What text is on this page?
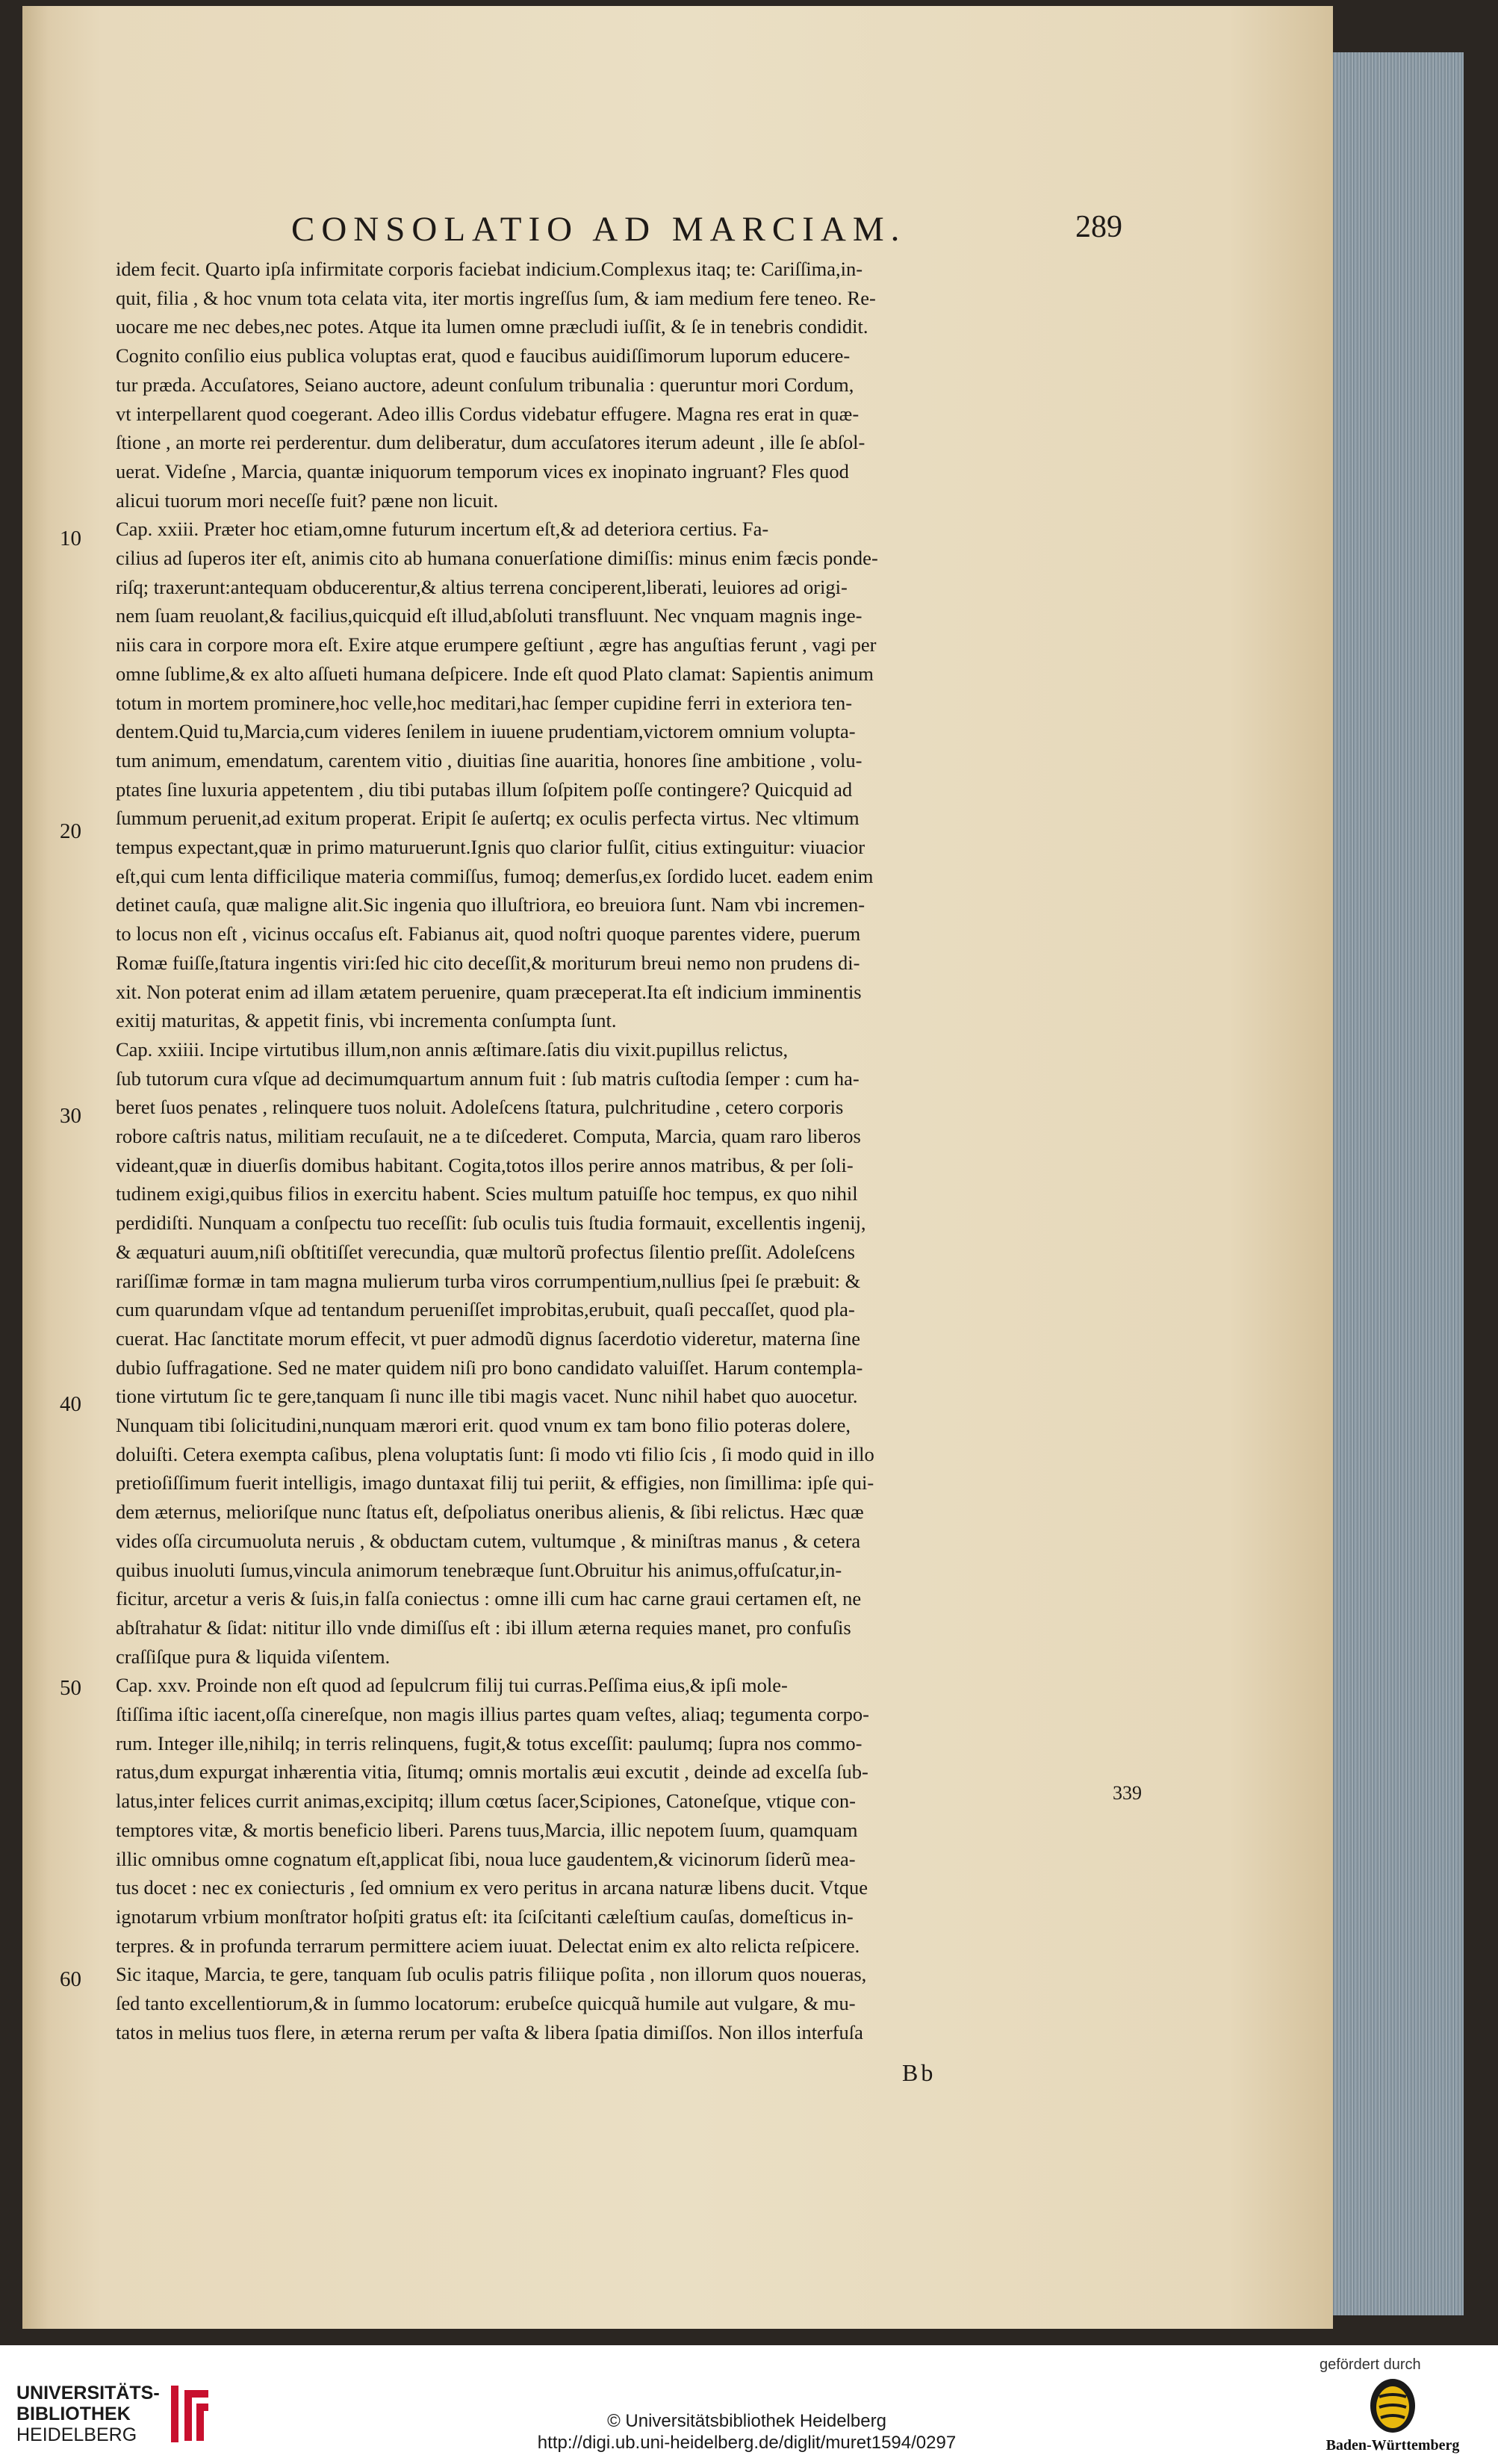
CONSOLATIO AD MARCIAM.	289
idem fecit. Quarto ipſa infirmitate corporis faciebat indicium.Complexus itaq; te: Cariſſima,in-
quit, filia , & hoc vnum tota celata vita, iter mortis ingreſſus ſum, & iam medium fere teneo. Re-
uocare me nec debes,nec potes. Atque ita lumen omne præcludi iuſſit, & ſe in tenebris condidit.
Cognito conſilio eius publica voluptas erat, quod e faucibus auidiſſimorum luporum educere-
tur præda. Accuſatores, Seiano auctore, adeunt conſulum tribunalia : queruntur mori Cordum,
vt interpellarent quod coegerant. Adeo illis Cordus videbatur effugere. Magna res erat in quæ-
ſtione , an morte rei perderentur. dum deliberatur, dum accuſatores iterum adeunt , ille ſe abſol-
uerat. Videſne , Marcia, quantæ iniquorum temporum vices ex inopinato ingruant? Fles quod
alicui tuorum mori neceſſe fuit? pæne non licuit.
Cap. xxiii. Præter hoc etiam,omne futurum incertum eſt,& ad deteriora certius. Fa-
cilius ad ſuperos iter eſt, animis cito ab humana conuerſatione dimiſſis: minus enim fæcis ponde-
riſq; traxerunt:antequam obducerentur,& altius terrena conciperent,liberati, leuiores ad origi-
nem ſuam reuolant,& facilius,quicquid eſt illud,abſoluti transfluunt. Nec vnquam magnis inge-
niis cara in corpore mora eſt. Exire atque erumpere geſtiunt , ægre has anguſtias ferunt , vagi per
omne ſublime,& ex alto aſſueti humana deſpicere. Inde eſt quod Plato clamat: Sapientis animum
totum in mortem prominere,hoc velle,hoc meditari,hac ſemper cupidine ferri in exteriora ten-
dentem.Quid tu,Marcia,cum videres ſenilem in iuuene prudentiam,victorem omnium volupta-
tum animum, emendatum, carentem vitio , diuitias ſine auaritia, honores ſine ambitione , volu-
ptates ſine luxuria appetentem , diu tibi putabas illum ſoſpitem poſſe contingere? Quicquid ad
ſummum peruenit,ad exitum properat. Eripit ſe auſertq; ex oculis perfecta virtus. Nec vltimum
tempus expectant,quæ in primo maturuerunt.Ignis quo clarior fulſit, citius extinguitur: viuacior
eſt,qui cum lenta difficilique materia commiſſus, fumoq; demerſus,ex ſordido lucet. eadem enim
detinet cauſa, quæ maligne alit.Sic ingenia quo illuſtriora, eo breuiora ſunt. Nam vbi incremen-
to locus non eſt , vicinus occaſus eſt. Fabianus ait, quod noſtri quoque parentes videre, puerum
Romæ fuiſſe,ſtatura ingentis viri:ſed hic cito deceſſit,& moriturum breui nemo non prudens di-
xit. Non poterat enim ad illam ætatem peruenire, quam præceperat.Ita eſt indicium imminentis
exitij maturitas, & appetit finis, vbi incrementa conſumpta ſunt.
Cap. xxiiii. Incipe virtutibus illum,non annis æſtimare.ſatis diu vixit.pupillus relictus,
ſub tutorum cura vſque ad decimumquartum annum fuit : ſub matris cuſtodia ſemper : cum ha-
beret ſuos penates , relinquere tuos noluit. Adoleſcens ſtatura, pulchritudine , cetero corporis
robore caſtris natus, militiam recuſauit, ne a te diſcederet. Computa, Marcia, quam raro liberos
videant,quæ in diuerſis domibus habitant. Cogita,totos illos perire annos matribus, & per ſoli-
tudinem exigi,quibus filios in exercitu habent. Scies multum patuiſſe hoc tempus, ex quo nihil
perdidiſti. Nunquam a conſpectu tuo receſſit: ſub oculis tuis ſtudia formauit, excellentis ingenij,
& æquaturi auum,niſi obſtitiſſet verecundia, quæ multorũ profectus ſilentio preſſit. Adoleſcens
rariſſimæ formæ in tam magna mulierum turba viros corrumpentium,nullius ſpei ſe præbuit: &
cum quarundam vſque ad tentandum perueniſſet improbitas,erubuit, quaſi peccaſſet, quod pla-
cuerat. Hac ſanctitate morum effecit, vt puer admodũ dignus ſacerdotio videretur, materna ſine
dubio ſuffragatione. Sed ne mater quidem niſi pro bono candidato valuiſſet. Harum contempla-
tione virtutum ſic te gere,tanquam ſi nunc ille tibi magis vacet. Nunc nihil habet quo auocetur.
Nunquam tibi ſolicitudini,nunquam mærori erit. quod vnum ex tam bono filio poteras dolere,
doluiſti. Cetera exempta caſibus, plena voluptatis ſunt: ſi modo vti filio ſcis , ſi modo quid in illo
pretioſiſſimum fuerit intelligis, imago duntaxat filij tui periit, & effigies, non ſimillima: ipſe qui-
dem æternus, melioriſque nunc ſtatus eſt, deſpoliatus oneribus alienis, & ſibi relictus. Hæc quæ
vides oſſa circumuoluta neruis , & obductam cutem, vultumque , & miniſtras manus , & cetera
quibus inuoluti ſumus,vincula animorum tenebræque ſunt.Obruitur his animus,offuſcatur,in-
ficitur, arcetur a veris & ſuis,in falſa coniectus : omne illi cum hac carne graui certamen eſt, ne
abſtrahatur & ſidat: nititur illo vnde dimiſſus eſt : ibi illum æterna requies manet, pro confuſis
craſſiſque pura & liquida viſentem.
Cap. xxv. Proinde non eſt quod ad ſepulcrum filij tui curras.Peſſima eius,& ipſi mole-
ſtiſſima iſtic iacent,oſſa cinereſque, non magis illius partes quam veſtes, aliaq; tegumenta corpo-
rum. Integer ille,nihilq; in terris relinquens, fugit,& totus exceſſit: paulumq; ſupra nos commo-
ratus,dum expurgat inhærentia vitia, ſitumq; omnis mortalis æui excutit , deinde ad excelſa ſub-
latus,inter felices currit animas,excipitq; illum cœtus ſacer,Scipiones, Catoneſque, vtique con-
temptores vitæ, & mortis beneficio liberi. Parens tuus,Marcia, illic nepotem ſuum, quamquam
illic omnibus omne cognatum eſt,applicat ſibi, noua luce gaudentem,& vicinorum ſiderũ mea-
tus docet : nec ex coniecturis , ſed omnium ex vero peritus in arcana naturæ libens ducit. Vtque
ignotarum vrbium monſtrator hoſpiti gratus eſt: ita ſciſcitanti cæleſtium cauſas, domeſticus in-
terpres. & in profunda terrarum permittere aciem iuuat. Delectat enim ex alto relicta reſpicere.
Sic itaque, Marcia, te gere, tanquam ſub oculis patris filiique poſita , non illorum quos noueras,
ſed tanto excellentiorum,& in ſummo locatorum: erubeſce quicquã humile aut vulgare, & mu-
tatos in melius tuos flere, in æterna rerum per vaſta & libera ſpatia dimiſſos. Non illos interfuſa
10
20
30
40
50
60
339
Bb
UNIVERSITÄTS-
BIBLIOTHEK
HEIDELBERG
© Universitätsbibliothek Heidelberg
http://digi.ub.uni-heidelberg.de/diglit/muret1594/0297
gefördert durch
Baden-Württemberg
